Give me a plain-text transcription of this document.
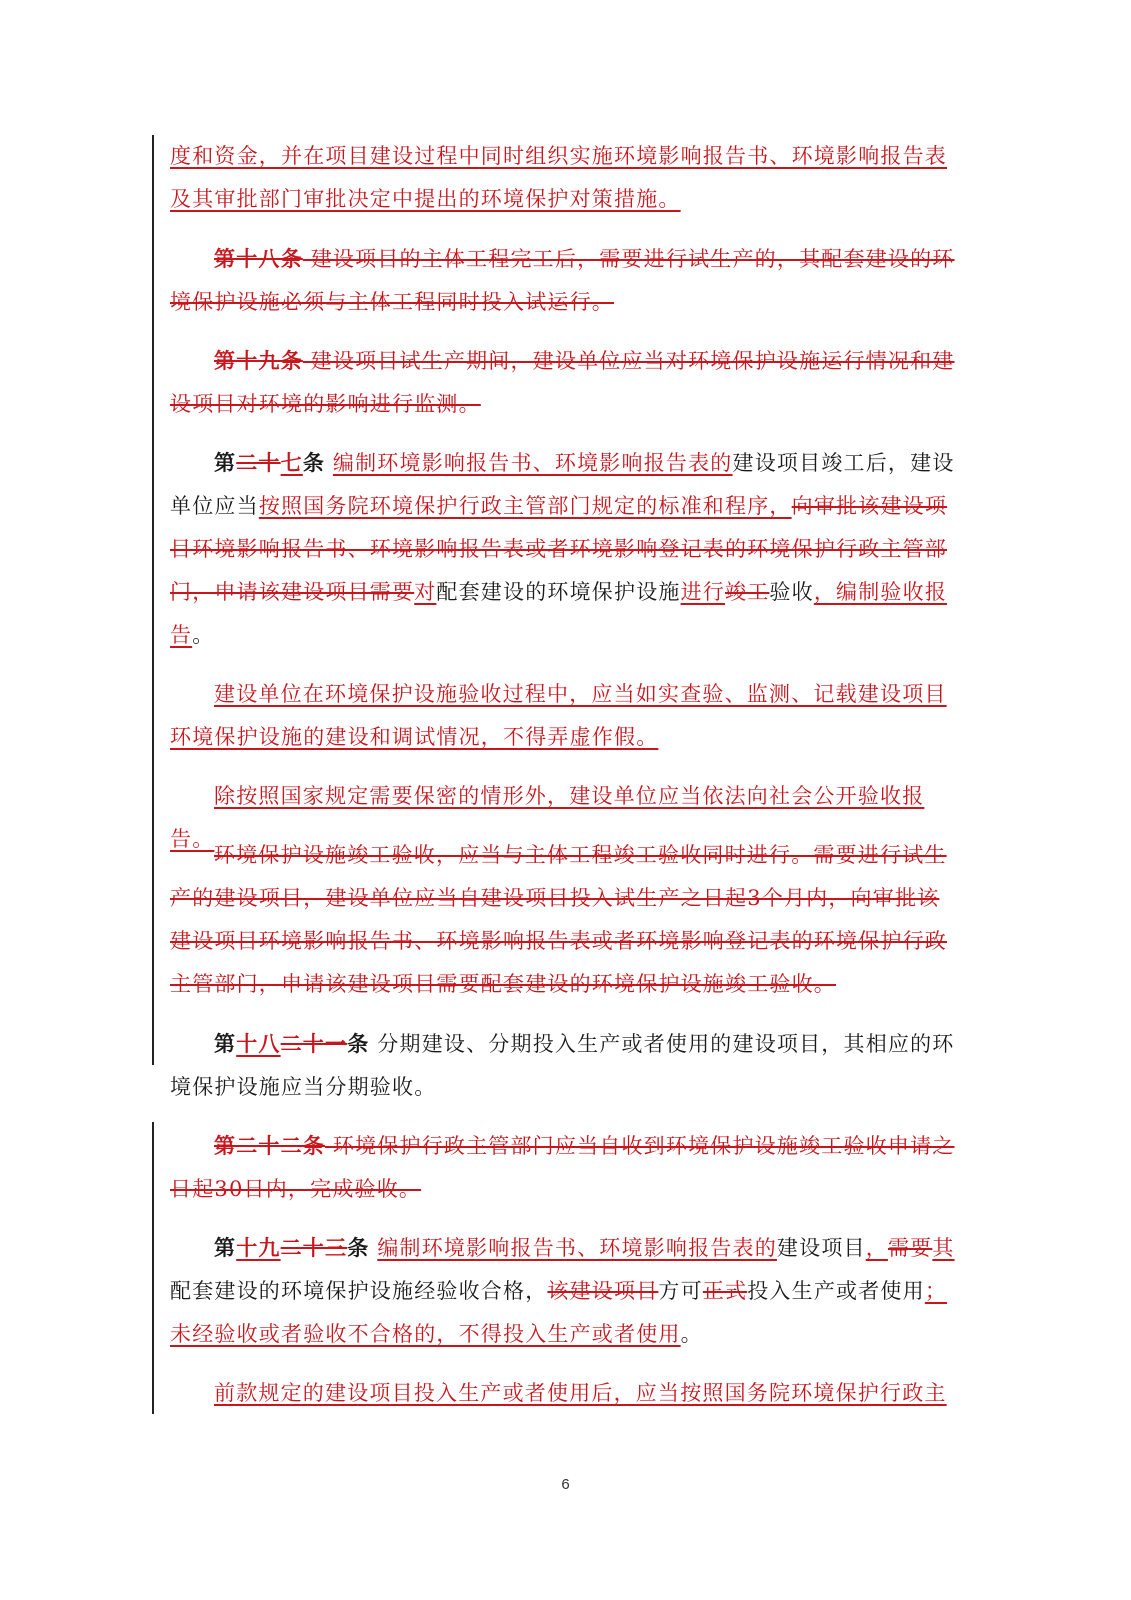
度和资金，并在项目建设过程中同时组织实施环境影响报告书、环境影响报告表及其审批部门审批决定中提出的环境保护对策措施。

第十八条 建设项目的主体工程完工后，需要进行试生产的，其配套建设的环境保护设施必须与主体工程同时投入试运行。

第十九条 建设项目试生产期间，建设单位应当对环境保护设施运行情况和建设项目对环境的影响进行监测。

第二十七条 编制环境影响报告书、环境影响报告表的建设项目竣工后，建设单位应当按照国务院环境保护行政主管部门规定的标准和程序，向审批该建设项目环境影响报告书、环境影响报告表或者环境影响登记表的环境保护行政主管部门，申请该建设项目需要对配套建设的环境保护设施进行竣工验收，编制验收报告。

建设单位在环境保护设施验收过程中，应当如实查验、监测、记载建设项目环境保护设施的建设和调试情况，不得弄虚作假。

除按照国家规定需要保密的情形外，建设单位应当依法向社会公开验收报告。

环境保护设施竣工验收，应当与主体工程竣工验收同时进行。需要进行试生产的建设项目，建设单位应当自建设项目投入试生产之日起3个月内，向审批该建设项目环境影响报告书、环境影响报告表或者环境影响登记表的环境保护行政主管部门，申请该建设项目需要配套建设的环境保护设施竣工验收。

第十八二十一条 分期建设、分期投入生产或者使用的建设项目，其相应的环境保护设施应当分期验收。

第二十二条 环境保护行政主管部门应当自收到环境保护设施竣工验收申请之日起30日内，完成验收。

第十九二十三条 编制环境影响报告书、环境影响报告表的建设项目，需要其配套建设的环境保护设施经验收合格，该建设项目方可正式投入生产或者使用；未经验收或者验收不合格的，不得投入生产或者使用。

前款规定的建设项目投入生产或者使用后，应当按照国务院环境保护行政主

6
